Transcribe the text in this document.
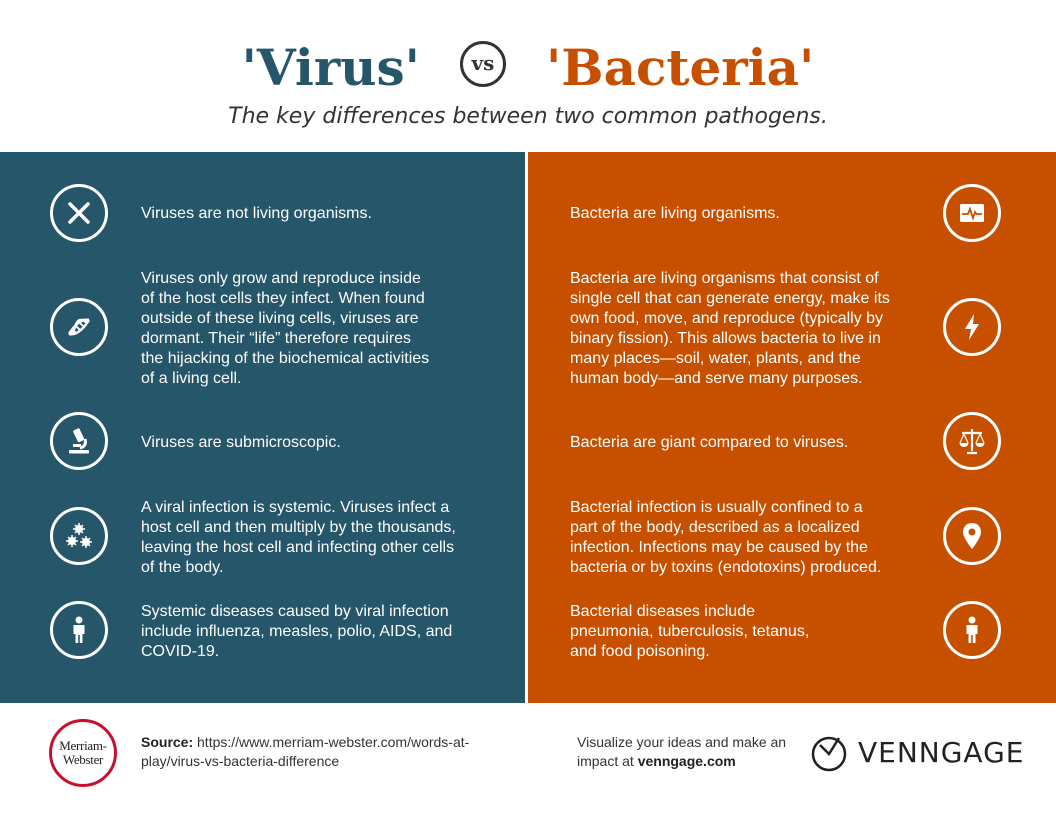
'Virus'	vs 'Bacteria'
The key differences between two common pathogens.
Viruses are not living organisms.
Viruses only grow and reproduce inside
of the host cells they infect. When found
outside of these living cells, viruses are
dormant. Their “life” therefore requires
the hijacking of the biochemical activities
of a living cell.
Viruses are submicroscopic.
A viral infection is systemic. Viruses infect a
host cell and then multiply by the thousands,
leaving the host cell and infecting other cells
of the body.
Systemic diseases caused by viral infection
include influenza, measles, polio, AIDS, and
COVID-19.
Bacteria are living organisms.
Bacteria are living organisms that consist of
single cell that can generate energy, make its
own food, move, and reproduce (typically by
binary fission). This allows bacteria to live in
many places—soil, water, plants, and the
human body—and serve many purposes.
Bacteria are giant compared to viruses.
Bacterial infection is usually confined to a
part of the body, described as a localized
infection. Infections may be caused by the
bacteria or by toxins (endotoxins) produced.
Bacterial diseases include
pneumonia, tuberculosis, tetanus,
and food poisoning.
Merriam-
Webster
Source: https://www.merriam-webster.com/words-at-play/virus-vs-bacteria-difference
Visualize your ideas and make an impact at venngage.com	VENNGAGE
